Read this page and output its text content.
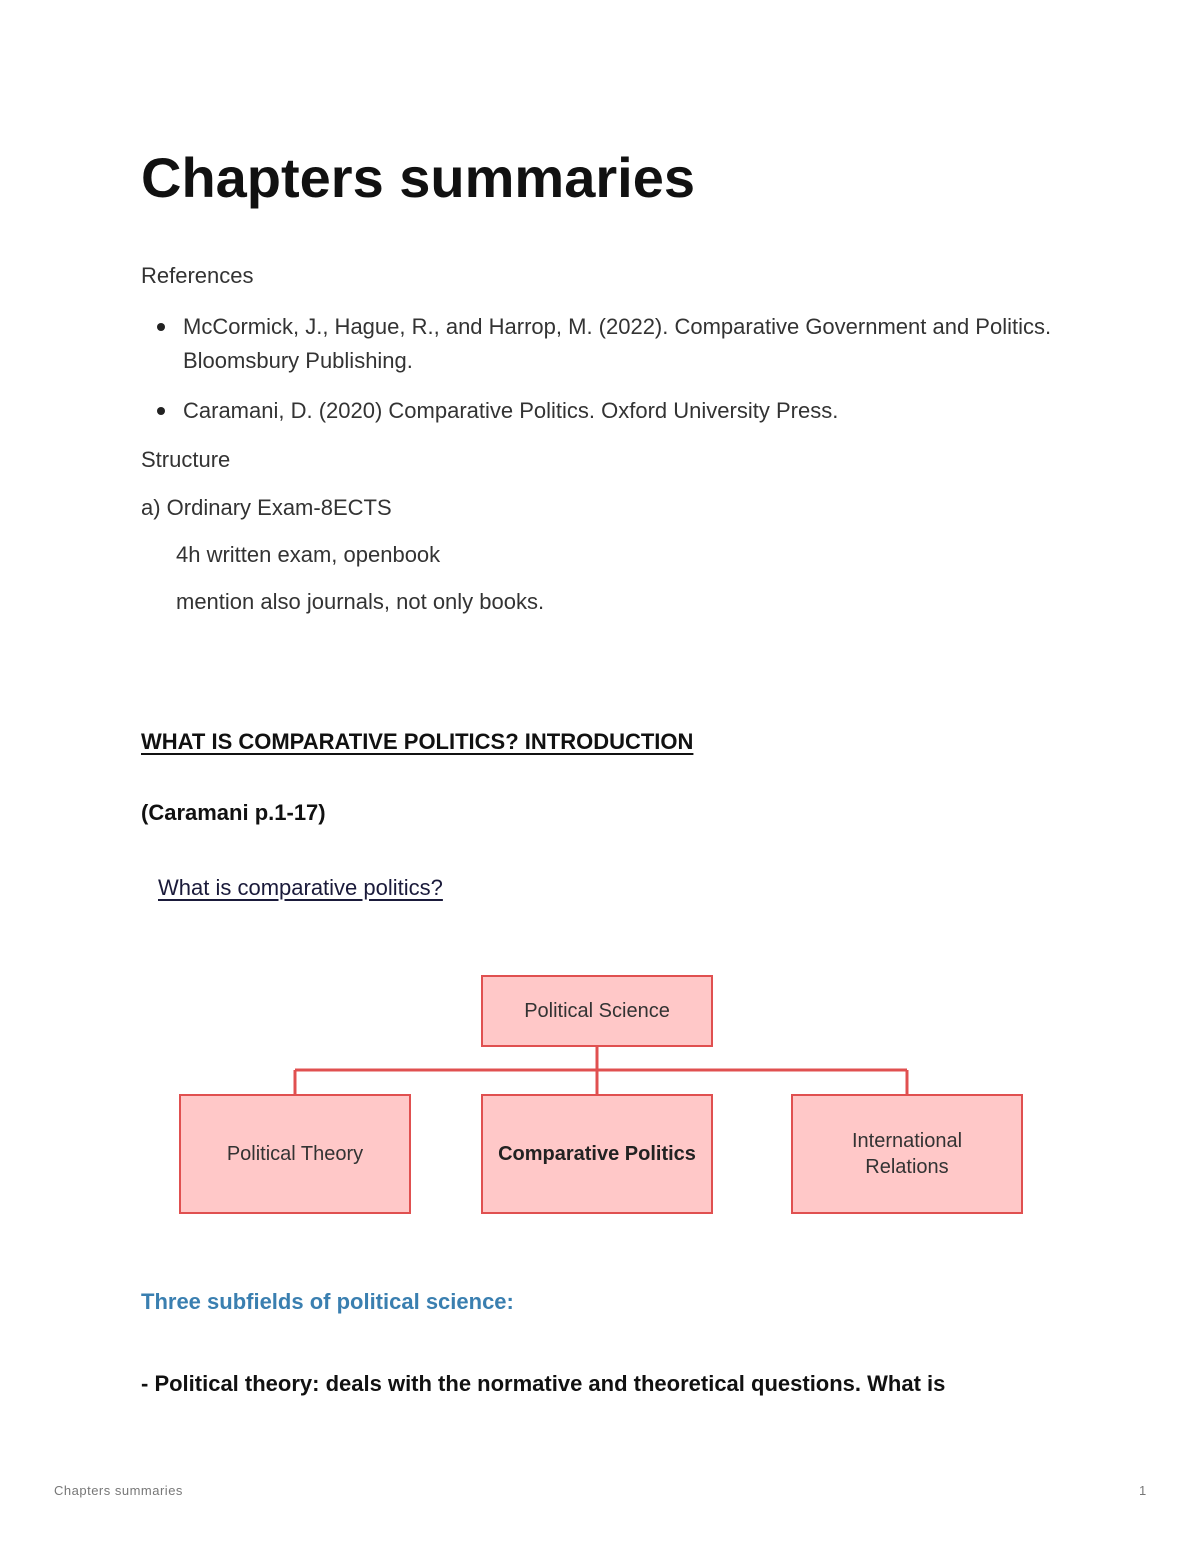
Chapters summaries

References

McCormick, J., Hague, R., and Harrop, M. (2022). Comparative Government and Politics. Bloomsbury Publishing.
Caramani, D. (2020) Comparative Politics. Oxford University Press.

Structure

a) Ordinary Exam-8ECTS

4h written exam, openbook

mention also journals, not only books.

WHAT IS COMPARATIVE POLITICS? INTRODUCTION

(Caramani p.1-17)

What is comparative politics?

Political Science
Political Theory	Comparative Politics
International Relations

Three subfields of political science:

- Political theory: deals with the normative and theoretical questions. What is

Chapters summaries	1
